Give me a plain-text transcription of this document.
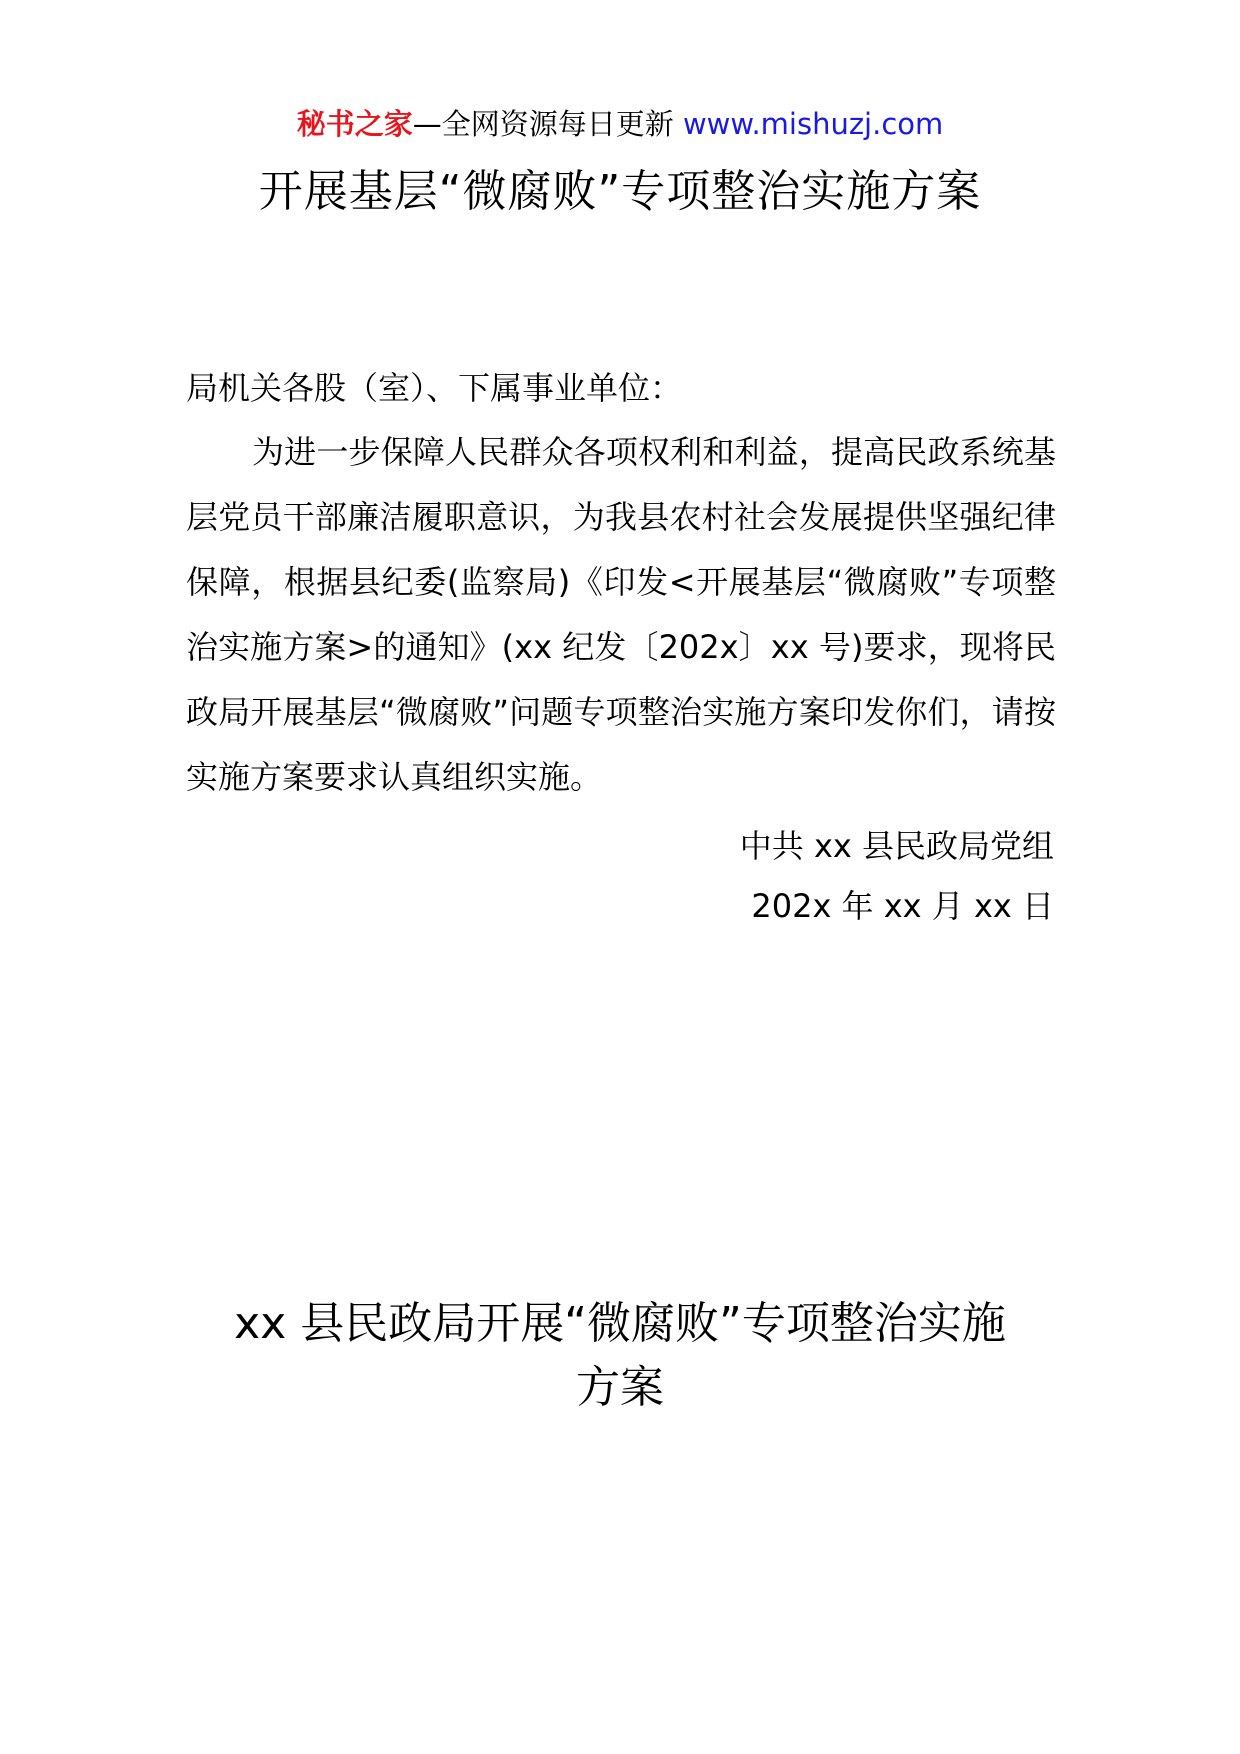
秘书之家—全网资源每日更新 www.mishuzj.com
开展基层“微腐败”专项整治实施方案
局机关各股（室）、下属事业单位：
为进一步保障人民群众各项权利和利益，提高民政系统基层党员干部廉洁履职意识，为我县农村社会发展提供坚强纪律保障，根据县纪委(监察局)《印发<开展基层“微腐败”专项整治实施方案>的通知》(xx 纪发〔202x〕xx 号)要求，现将民政局开展基层“微腐败”问题专项整治实施方案印发你们，请按实施方案要求认真组织实施。
中共 xx 县民政局党组
202x 年 xx 月 xx 日
xx 县民政局开展“微腐败”专项整治实施方案
